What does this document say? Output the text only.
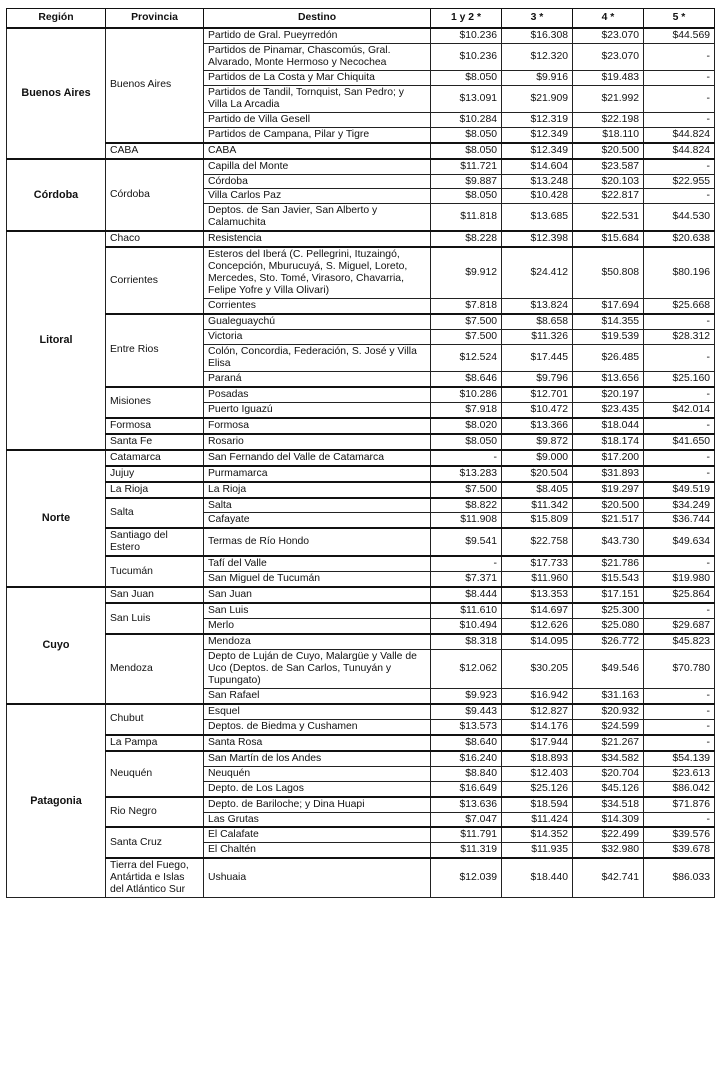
Región	Provincia	Destino	1 y 2 *	3 *	4 *	5 *
Buenos Aires	Buenos Aires	Partido de Gral. Pueyrredón	$10.236	$16.308	$23.070	$44.569
		Partidos de Pinamar, Chascomús, Gral. Alvarado, Monte Hermoso y Necochea	$10.236	$12.320	$23.070	-
		Partidos de La Costa y Mar Chiquita	$8.050	$9.916	$19.483	-
		Partidos de Tandil, Tornquist, San Pedro; y Villa La Arcadia	$13.091	$21.909	$21.992	-
		Partido de Villa Gesell	$10.284	$12.319	$22.198	-
		Partidos de Campana, Pilar y Tigre	$8.050	$12.349	$18.110	$44.824
	CABA	CABA	$8.050	$12.349	$20.500	$44.824
Córdoba	Córdoba	Capilla del Monte	$11.721	$14.604	$23.587	-
		Córdoba	$9.887	$13.248	$20.103	$22.955
		Villa Carlos Paz	$8.050	$10.428	$22.817	-
		Deptos. de San Javier, San Alberto y Calamuchita	$11.818	$13.685	$22.531	$44.530
Litoral	Chaco	Resistencia	$8.228	$12.398	$15.684	$20.638
	Corrientes	Esteros del Iberá (C. Pellegrini, Ituzaingó, Concepción, Mburucuyá, S. Miguel, Loreto, Mercedes, Sto. Tomé, Virasoro, Chavarria, Felipe Yofre y Villa Olivari)	$9.912	$24.412	$50.808	$80.196
		Corrientes	$7.818	$13.824	$17.694	$25.668
	Entre Rios	Gualeguaychú	$7.500	$8.658	$14.355	-
		Victoria	$7.500	$11.326	$19.539	$28.312
		Colón, Concordia, Federación, S. José y Villa Elisa	$12.524	$17.445	$26.485	-
		Paraná	$8.646	$9.796	$13.656	$25.160
	Misiones	Posadas	$10.286	$12.701	$20.197	-
		Puerto Iguazú	$7.918	$10.472	$23.435	$42.014
	Formosa	Formosa	$8.020	$13.366	$18.044	-
	Santa Fe	Rosario	$8.050	$9.872	$18.174	$41.650
Norte	Catamarca	San Fernando del Valle de Catamarca	-	$9.000	$17.200	-
	Jujuy	Purmamarca	$13.283	$20.504	$31.893	-
	La Rioja	La Rioja	$7.500	$8.405	$19.297	$49.519
	Salta	Salta	$8.822	$11.342	$20.500	$34.249
		Cafayate	$11.908	$15.809	$21.517	$36.744
	Santiago del Estero	Termas de Río Hondo	$9.541	$22.758	$43.730	$49.634
	Tucumán	Tafí del Valle	-	$17.733	$21.786	-
		San Miguel de Tucumán	$7.371	$11.960	$15.543	$19.980
Cuyo	San Juan	San Juan	$8.444	$13.353	$17.151	$25.864
	San Luis	San Luis	$11.610	$14.697	$25.300	-
		Merlo	$10.494	$12.626	$25.080	$29.687
	Mendoza	Mendoza	$8.318	$14.095	$26.772	$45.823
		Depto de Luján de Cuyo, Malargüe y Valle de Uco (Deptos. de San Carlos, Tunuyán y Tupungato)	$12.062	$30.205	$49.546	$70.780
		San Rafael	$9.923	$16.942	$31.163	-
Patagonia	Chubut	Esquel	$9.443	$12.827	$20.932	-
		Deptos. de Biedma y Cushamen	$13.573	$14.176	$24.599	-
	La Pampa	Santa Rosa	$8.640	$17.944	$21.267	-
	Neuquén	San Martín de los Andes	$16.240	$18.893	$34.582	$54.139
		Neuquén	$8.840	$12.403	$20.704	$23.613
		Depto. de Los Lagos	$16.649	$25.126	$45.126	$86.042
	Rio Negro	Depto. de Bariloche; y Dina Huapi	$13.636	$18.594	$34.518	$71.876
		Las Grutas	$7.047	$11.424	$14.309	-
	Santa Cruz	El Calafate	$11.791	$14.352	$22.499	$39.576
		El Chaltén	$11.319	$11.935	$32.980	$39.678
	Tierra del Fuego, Antártida e Islas del Atlántico Sur	Ushuaia	$12.039	$18.440	$42.741	$86.033
